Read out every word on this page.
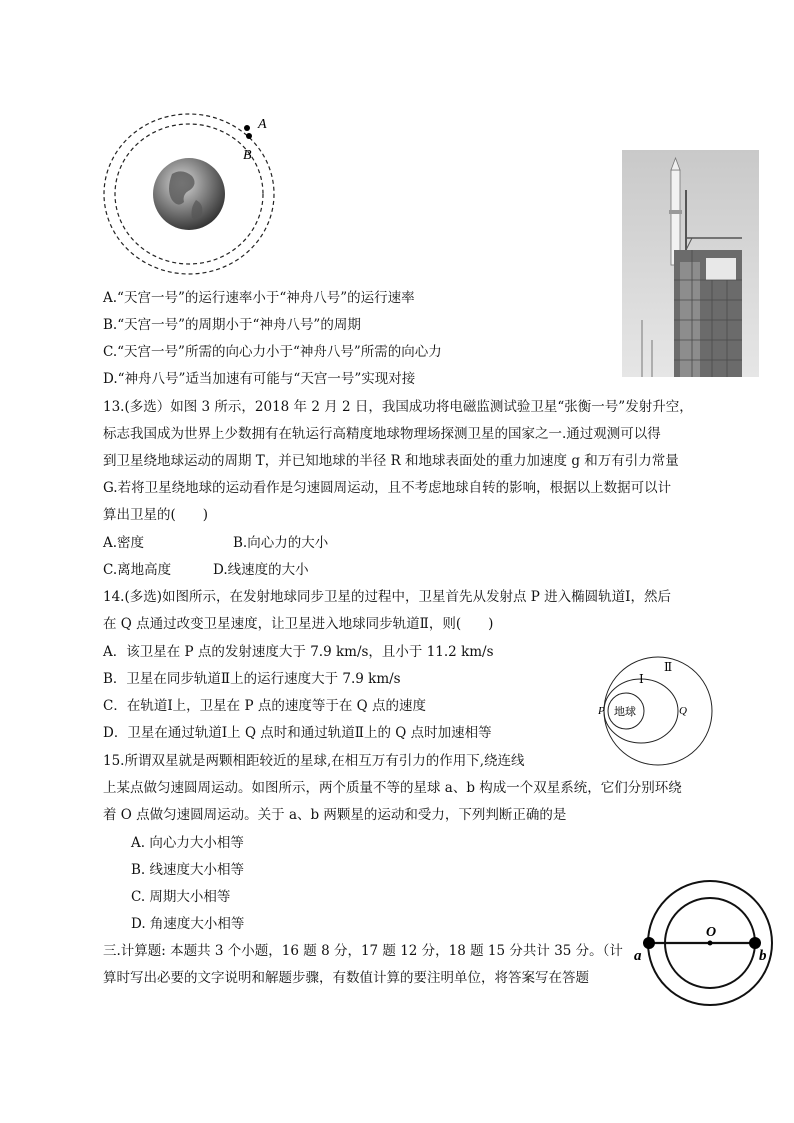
A
B
A.“天宫一号”的运行速率小于“神舟八号”的运行速率
B.“天宫一号”的周期小于“神舟八号”的周期
C.“天宫一号”所需的向心力小于“神舟八号”所需的向心力
D.“神舟八号”适当加速有可能与“天宫一号”实现对接
13.(多选）如图 3 所示，2018 年 2 月 2 日，我国成功将电磁监测试验卫星“张衡一号”发射升空，
标志我国成为世界上少数拥有在轨运行高精度地球物理场探测卫星的国家之一.通过观测可以得
到卫星绕地球运动的周期 T，并已知地球的半径 R 和地球表面处的重力加速度 g 和万有引力常量
G.若将卫星绕地球的运动看作是匀速圆周运动，且不考虑地球自转的影响，根据以上数据可以计
算出卫星的(　　)
A.密度	B.向心力的大小
C.离地高度	D.线速度的大小
14.(多选)如图所示，在发射地球同步卫星的过程中，卫星首先从发射点 P 进入椭圆轨道Ⅰ，然后
在 Q 点通过改变卫星速度，让卫星进入地球同步轨道Ⅱ，则(　　)
A．该卫星在 P 点的发射速度大于 7.9 km/s，且小于 11.2 km/s
B．卫星在同步轨道Ⅱ上的运行速度大于 7.9 km/s
C．在轨道Ⅰ上，卫星在 P 点的速度等于在 Q 点的速度
D．卫星在通过轨道Ⅰ上 Q 点时和通过轨道Ⅱ上的 Q 点时加速相等
地球
Ⅰ
Ⅱ
P	Q
15.所谓双星就是两颗相距较近的星球,在相互万有引力的作用下,绕连线
上某点做匀速圆周运动。如图所示，两个质量不等的星球 a、b 构成一个双星系统，它们分别环绕
着 O 点做匀速圆周运动。关于 a、b 两颗星的运动和受力，下列判断正确的是
A. 向心力大小相等
B. 线速度大小相等
C. 周期大小相等
D. 角速度大小相等
O
a	b
三.计算题: 本题共 3 个小题，16 题 8 分，17 题 12 分，18 题 15 分共计 35 分。（计
算时写出必要的文字说明和解题步骤，有数值计算的要注明单位，将答案写在答题
